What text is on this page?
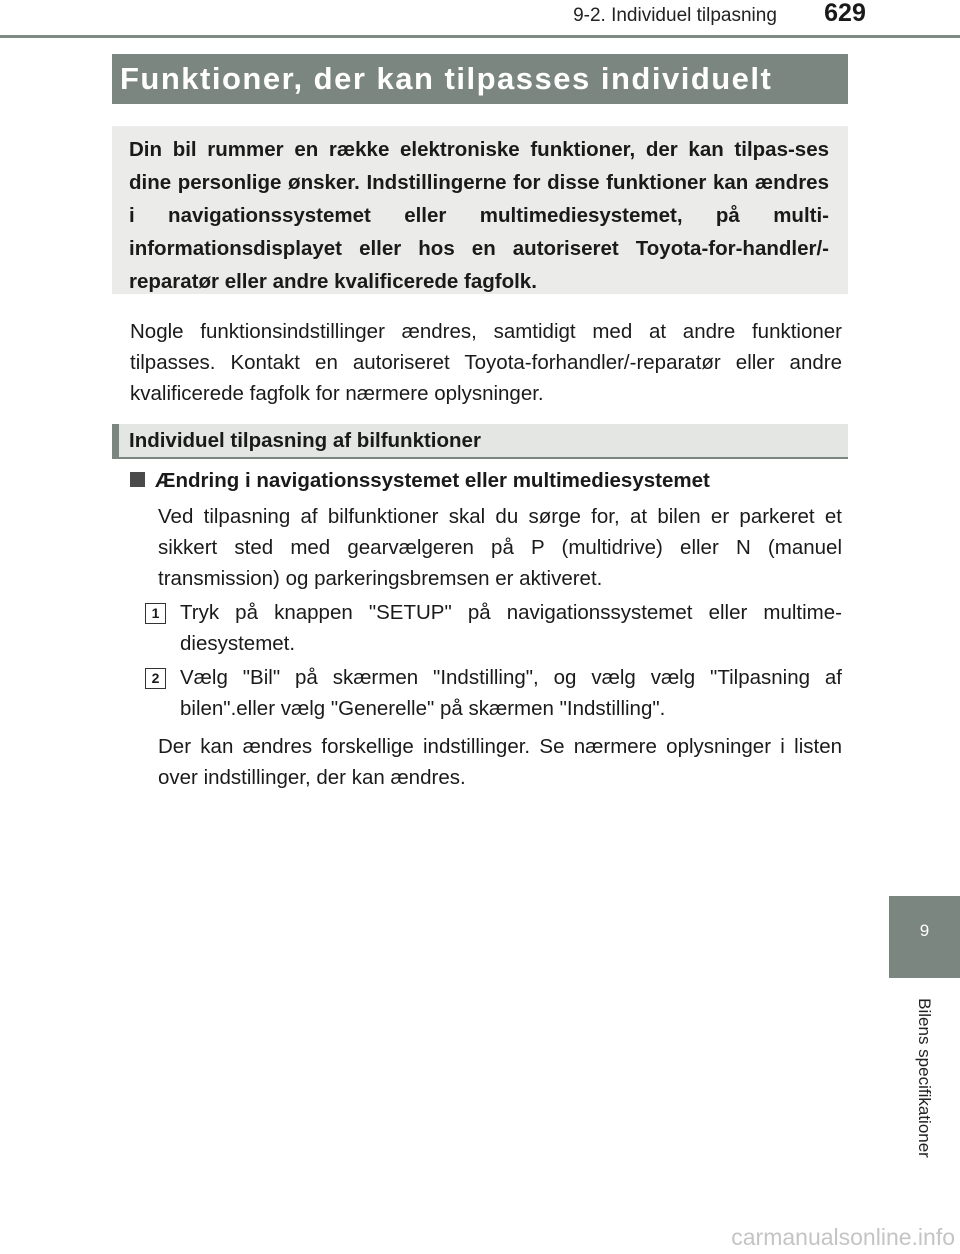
9-2. Individuel tilpasning	629
Funktioner, der kan tilpasses individuelt
Din bil rummer en række elektroniske funktioner, der kan tilpas-ses dine personlige ønsker. Indstillingerne for disse funktioner kan ændres i navigationssystemet eller multimediesystemet, på multi-informationsdisplayet eller hos en autoriseret Toyota-for-handler/-reparatør eller andre kvalificerede fagfolk.
Nogle funktionsindstillinger ændres, samtidigt med at andre funktioner tilpasses. Kontakt en autoriseret Toyota-forhandler/-reparatør eller andre kvalificerede fagfolk for nærmere oplysninger.
Individuel tilpasning af bilfunktioner
Ændring i navigationssystemet eller multimediesystemet
Ved tilpasning af bilfunktioner skal du sørge for, at bilen er parkeret et sikkert sted med gearvælgeren på P (multidrive) eller N (manuel transmission) og parkeringsbremsen er aktiveret.
1	Tryk på knappen "SETUP" på navigationssystemet eller multime-diesystemet.
2	Vælg "Bil" på skærmen "Indstilling", og vælg vælg "Tilpasning af bilen".eller vælg "Generelle" på skærmen "Indstilling".
Der kan ændres forskellige indstillinger. Se nærmere oplysninger i listen over indstillinger, der kan ændres.
9
Bilens specifikationer
carmanualsonline.info
